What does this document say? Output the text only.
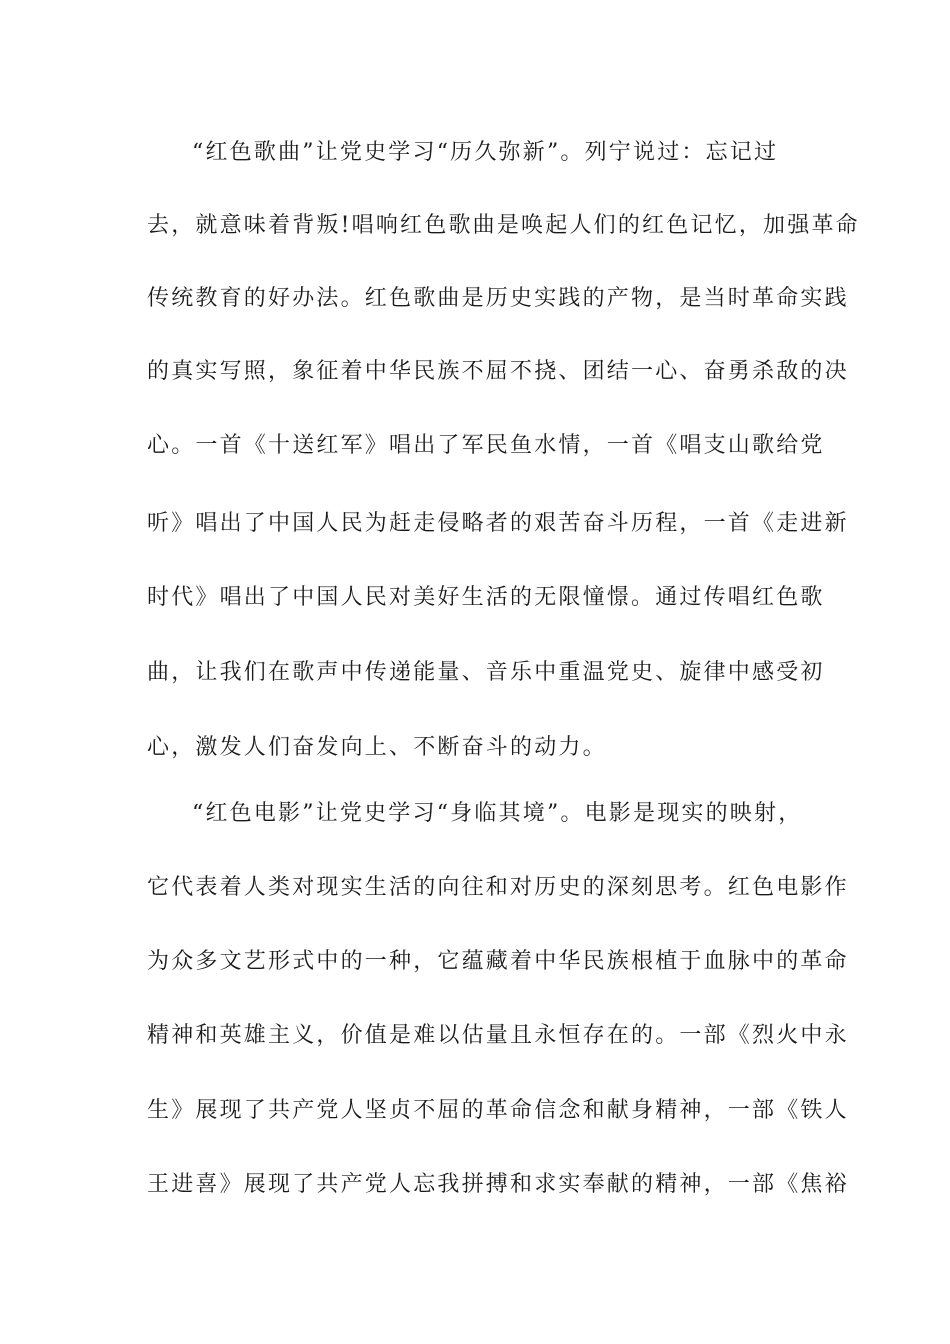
“红色歌曲”让党史学习“历久弥新”。列宁说过：忘记过
去，就意味着背叛!唱响红色歌曲是唤起人们的红色记忆，加强革命
传统教育的好办法。红色歌曲是历史实践的产物，是当时革命实践
的真实写照，象征着中华民族不屈不挠、团结一心、奋勇杀敌的决
心。一首《十送红军》唱出了军民鱼水情，一首《唱支山歌给党
听》唱出了中国人民为赶走侵略者的艰苦奋斗历程，一首《走进新
时代》唱出了中国人民对美好生活的无限憧憬。通过传唱红色歌
曲，让我们在歌声中传递能量、音乐中重温党史、旋律中感受初
心，激发人们奋发向上、不断奋斗的动力。
“红色电影”让党史学习“身临其境”。电影是现实的映射，
它代表着人类对现实生活的向往和对历史的深刻思考。红色电影作
为众多文艺形式中的一种，它蕴藏着中华民族根植于血脉中的革命
精神和英雄主义，价值是难以估量且永恒存在的。一部《烈火中永
生》展现了共产党人坚贞不屈的革命信念和献身精神，一部《铁人
王进喜》展现了共产党人忘我拼搏和求实奉献的精神，一部《焦裕
